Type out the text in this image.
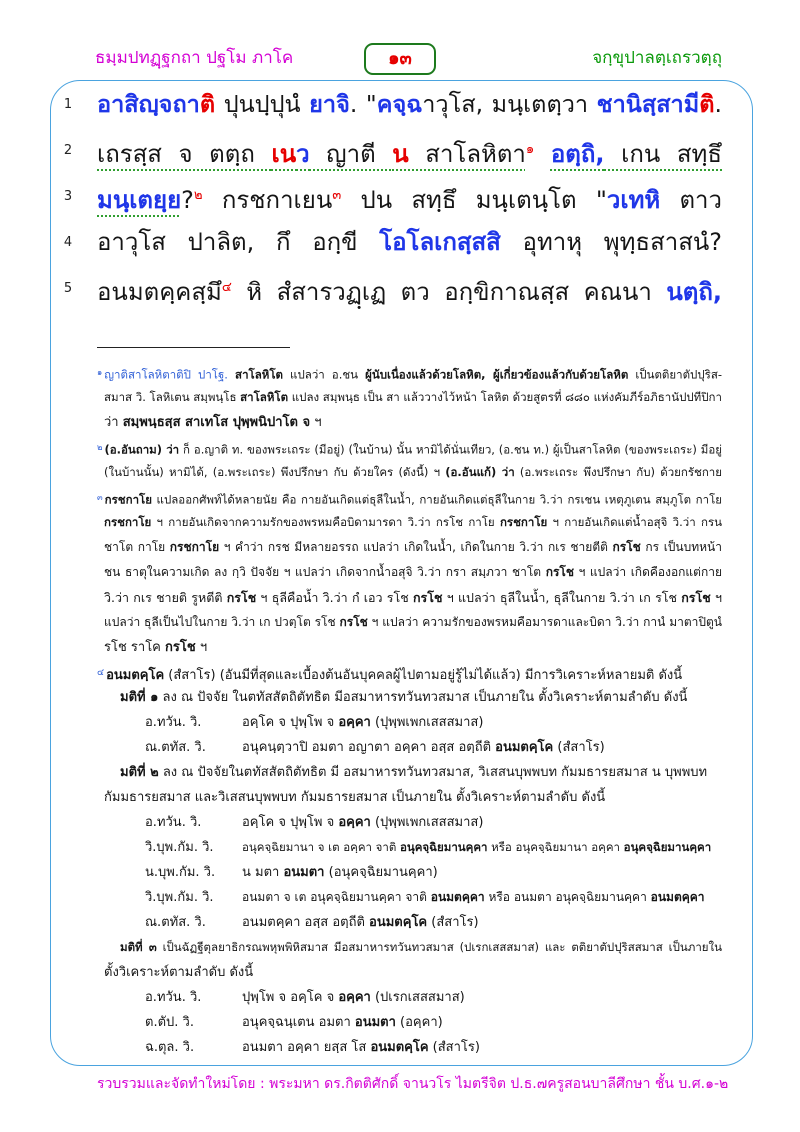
ธมฺมปทฏฺฐกถา ปฐโม ภาโค	๑๓	จกฺขุปาลตฺเถรวตฺถุ
1 อาสิญฺจถาติ ปุนปฺปุนํ ยาจิ. "คจฺฉาวุโส, มนฺเตตฺวา ชานิสฺสามีติ.
2 เถรสฺส จ ตตฺถ เนว ญาตี น สาโลหิตา$^๑$ อตฺถิ, เกน สทฺธึ
3 มนฺเตยฺย?$^๒$ กรชกาเยน$^๓$ ปน สทฺธึ มนฺเตนฺโต "วเทหิ ตาว
4 อาวุโส ปาลิต, กึ อกฺขี โอโลเกสฺสสิ อุทาหุ พุทฺธสาสนํ?
5 อนมตคฺคสฺมึ$^๔$ หิ สํสารวฏฺเฏ ตว อกฺขิกาณสฺส คณนา นตฺถิ,
$^๑$ ญาติสาโลหิตาติปิ ปาโฐ. สาโลหิโต แปลว่า อ.ชน ผู้นับเนื่องแล้วด้วยโลหิต, ผู้เกี่ยวข้องแล้วกับด้วยโลหิต เป็นตติยาตัปปุริส-
สมาส วิ. โลหิเตน สมฺพนฺโธ สาโลหิโต แปลง สมฺพนฺธ เป็น สา แล้ววางไว้หน้า โลหิต ด้วยสูตรที่ ๘๘๐ แห่งคัมภีร์อภิธานัปปทีปิกา
ว่า สมฺพนฺธสฺส สาเทโส ปุพฺพนิปาโต จ ฯ
$^๒$ (อ.อันถาม) ว่า ก็ อ.ญาติ ท. ของพระเถระ (มีอยู่) (ในบ้าน) นั้น หามิได้นั่นเทียว, (อ.ชน ท.) ผู้เป็นสาโลหิต (ของพระเถระ) มีอยู่
(ในบ้านนั้น) หามิได้, (อ.พระเถระ) พึงปรึกษา กับ ด้วยใคร (ดังนี้) ฯ (อ.อันแก้) ว่า (อ.พระเถระ พึงปรึกษา กับ) ด้วยกรัชกาย
$^๓$ กรชกาโย แปลออกศัพท์ได้หลายนัย คือ กายอันเกิดแต่ธุลีในน้ำ, กายอันเกิดแต่ธุลีในกาย วิ.ว่า กรเชน เหตุภูเตน สมฺภูโต กาโย
กรชกาโย ฯ กายอันเกิดจากความรักของพรหมคือบิดามารดา วิ.ว่า กรโช กาโย กรชกาโย ฯ กายอันเกิดแต่น้ำอสุจิ วิ.ว่า กรน
ชาโต กาโย กรชกาโย ฯ คำว่า กรช มีหลายอรรถ แปลว่า เกิดในน้ำ, เกิดในกาย วิ.ว่า กเร ชายตีติ กรโช กร เป็นบทหน้า
ชน ธาตุในความเกิด ลง กฺวิ ปัจจัย ฯ แปลว่า เกิดจากน้ำอสุจิ วิ.ว่า กรา สมฺภวา ชาโต กรโช ฯ แปลว่า เกิดคืองอกแต่กาย
วิ.ว่า กเร ชายติ รูหตีติ กรโช ฯ ธุลีคือน้ำ วิ.ว่า กํ เอว รโช กรโช ฯ แปลว่า ธุลีในน้ำ, ธุลีในกาย วิ.ว่า เก รโช กรโช ฯ
แปลว่า ธุลีเป็นไปในกาย วิ.ว่า เก ปวตฺโต รโช กรโช ฯ แปลว่า ความรักของพรหมคือมารดาและบิดา วิ.ว่า กานํ มาตาปิตูนํ
รโช ราโค กรโช ฯ
$^๔$ อนมตคฺโค (สํสาโร) (อันมีที่สุดและเบื้องต้นอันบุคคลผู้ไปตามอยู่รู้ไม่ได้แล้ว) มีการวิเคราะห์หลายมติ ดังนี้
มติที่ ๑ ลง ณ ปัจจัย ในตทัสสัตถิตัทธิต มีอสมาหารทวันทวสมาส เป็นภายใน ตั้งวิเคราะห์ตามลำดับ ดังนี้
อ.ทวัน. วิ.	อคฺโค จ ปุพฺโพ จ อคฺคา (ปุพฺพเพกเสสสมาส)
ณ.ตทัส. วิ.	อนุคนฺตฺวาปิ อมตา อญาตา อคฺคา อสฺส อตฺถีติ อนมตคฺโค (สํสาโร)
มติที่ ๒ ลง ณ ปัจจัยในตทัสสัตถิตัทธิต มี อสมาหารทวันทวสมาส, วิเสสนบุพพบท กัมมธารยสมาส น บุพพบท
กัมมธารยสมาส และวิเสสนบุพพบท กัมมธารยสมาส เป็นภายใน ตั้งวิเคราะห์ตามลำดับ ดังนี้
อ.ทวัน. วิ.	อคฺโค จ ปุพฺโพ จ อคฺคา (ปุพฺพเพกเสสสมาส)
วิ.บุพ.กัม. วิ.	อนุคจฺฉิยมานา จ เต อคฺคา จาติ อนุคจฺฉิยมานคฺคา หรือ อนุคจฺฉิยมานา อคฺคา อนุคจฺฉิยมานคฺคา
น.บุพ.กัม. วิ.	น มตา อนมตา (อนุคจฺฉิยมานคฺคา)
วิ.บุพ.กัม. วิ.	อนมตา จ เต อนุคจฺฉิยมานคฺคา จาติ อนมตคฺคา หรือ อนมตา อนุคจฺฉิยมานคฺคา อนมตคฺคา
ณ.ตทัส. วิ.	อนมตคฺคา อสฺส อตฺถีติ อนมตคฺโค (สํสาโร)
มติที่ ๓ เป็นฉัฏฐีตุลยาธิกรณพหุพพิหิสมาส มีอสมาหารทวันทวสมาส (ปเรกเสสสมาส) และ ตติยาตัปปุริสสมาส เป็นภายใน
ตั้งวิเคราะห์ตามลำดับ ดังนี้
อ.ทวัน. วิ.	ปุพฺโพ จ อคฺโค จ อคฺคา (ปเรกเสสสมาส)
ต.ตัป. วิ.	อนุคจฺฉนฺเตน อมตา อนมตา (อคฺคา)
ฉ.ตุล. วิ.	อนมตา อคฺคา ยสฺส โส อนมตคฺโค (สํสาโร)
รวบรวมและจัดทำใหม่โดย : พระมหา ดร.กิตติศักดิ์ จานวโร ไมตรีจิต ป.ธ.๗ ครูสอนบาลีศึกษา ชั้น บ.ศ.๑-๒
